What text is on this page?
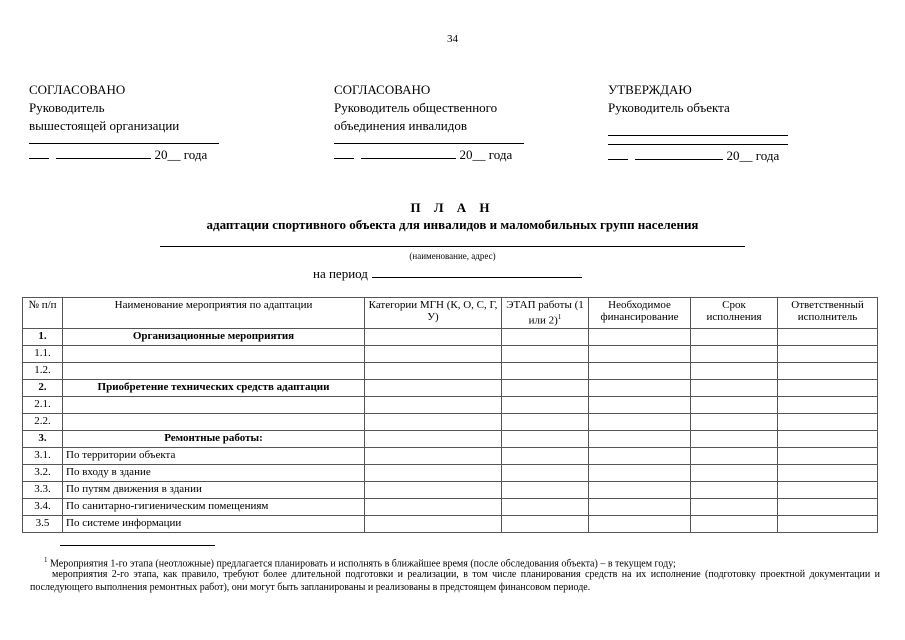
34
СОГЛАСОВАНО
Руководитель
вышестоящей организации
20__ года
СОГЛАСОВАНО
Руководитель общественного
объединения инвалидов
20__ года
УТВЕРЖДАЮ
Руководитель объекта
20__ года
П Л А Н
адаптации спортивного объекта для инвалидов и маломобильных групп населения
(наименование, адрес)
на период
№ п/п	Наименование мероприятия по адаптации	Категории МГН (К, О, С, Г, У)	ЭТАП работы (1 или 2)$^1$	Необходимое финансирование	Срок исполнения	Ответственный исполнитель
1.	Организационные мероприятия					
1.1.						
1.2.						
2.	Приобретение технических средств адаптации					
2.1.						
2.2.						
3.	Ремонтные работы:					
3.1.	По территории объекта					
3.2.	По входу в здание					
3.3.	По путям движения в здании					
3.4.	По санитарно-гигиеническим помещениям					
3.5	По системе информации					
$^1$ Мероприятия 1-го этапа (неотложные) предлагается планировать и исполнять в ближайшее время (после обследования объекта) – в текущем году;
мероприятия 2-го этапа, как правило, требуют более длительной подготовки и реализации, в том числе планирования средств на их исполнение (подготовку проектной документации и последующего выполнения ремонтных работ), они могут быть запланированы и реализованы в предстоящем финансовом периоде.
